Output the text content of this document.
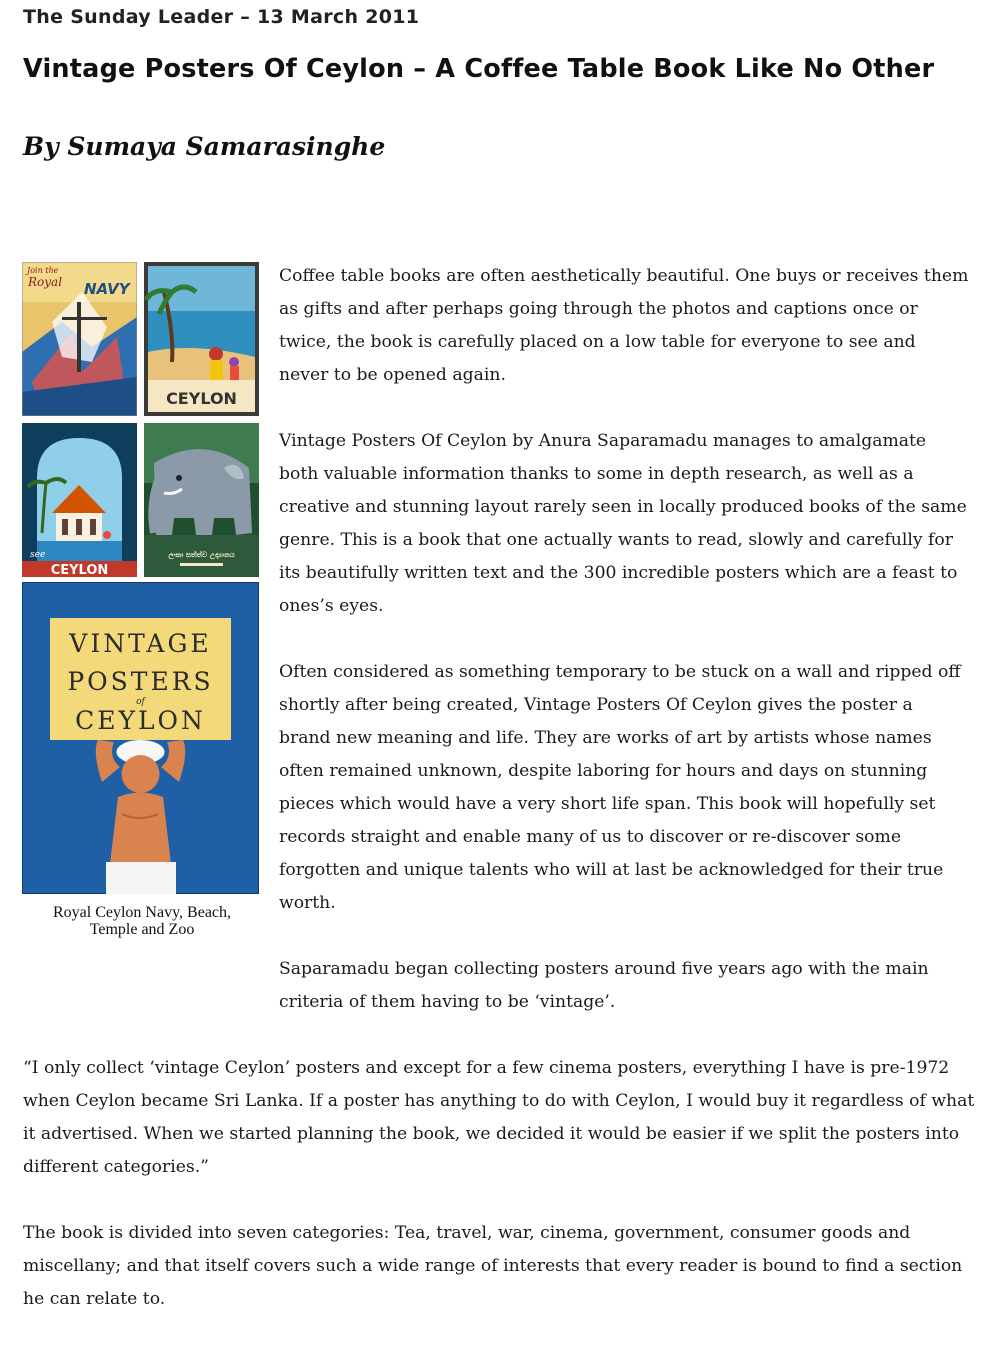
The Sunday Leader – 13 March 2011
Vintage Posters Of Ceylon – A Coffee Table Book Like No Other
By Sumaya Samarasinghe
Join the
Royal NAVY
CEYLON
see
CEYLON
ලංකා සත්ත්ව උද්‍යානය
VINTAGE
POSTERS
of
CEYLON
Royal Ceylon Navy, Beach,
Temple and Zoo

Coffee table books are often aesthetically beautiful. One buys or receives them as gifts and after perhaps going through the photos and captions once or twice, the book is carefully placed on a low table for everyone to see and never to be opened again.

Vintage Posters Of Ceylon by Anura Saparamadu manages to amalgamate both valuable information thanks to some in depth research, as well as a creative and stunning layout rarely seen in locally produced books of the same genre. This is a book that one actually wants to read, slowly and carefully for its beautifully written text and the 300 incredible posters which are a feast to ones’s eyes.

Often considered as something temporary to be stuck on a wall and ripped off shortly after being created, Vintage Posters Of Ceylon gives the poster a brand new meaning and life. They are works of art by artists whose names often remained unknown, despite laboring for hours and days on stunning pieces which would have a very short life span. This book will hopefully set records straight and enable many of us to discover or re-discover some forgotten and unique talents who will at last be acknowledged for their true worth.

Saparamadu began collecting posters around five years ago with the main criteria of them having to be ‘vintage’.

“I only collect ‘vintage Ceylon’ posters and except for a few cinema posters, everything I have is pre-1972 when Ceylon became Sri Lanka. If a poster has anything to do with Ceylon, I would buy it regardless of what it advertised. When we started planning the book, we decided it would be easier if we split the posters into different categories.”

The book is divided into seven categories: Tea, travel, war, cinema, government, consumer goods and miscellany; and that itself covers such a wide range of interests that every reader is bound to find a section he can relate to.
